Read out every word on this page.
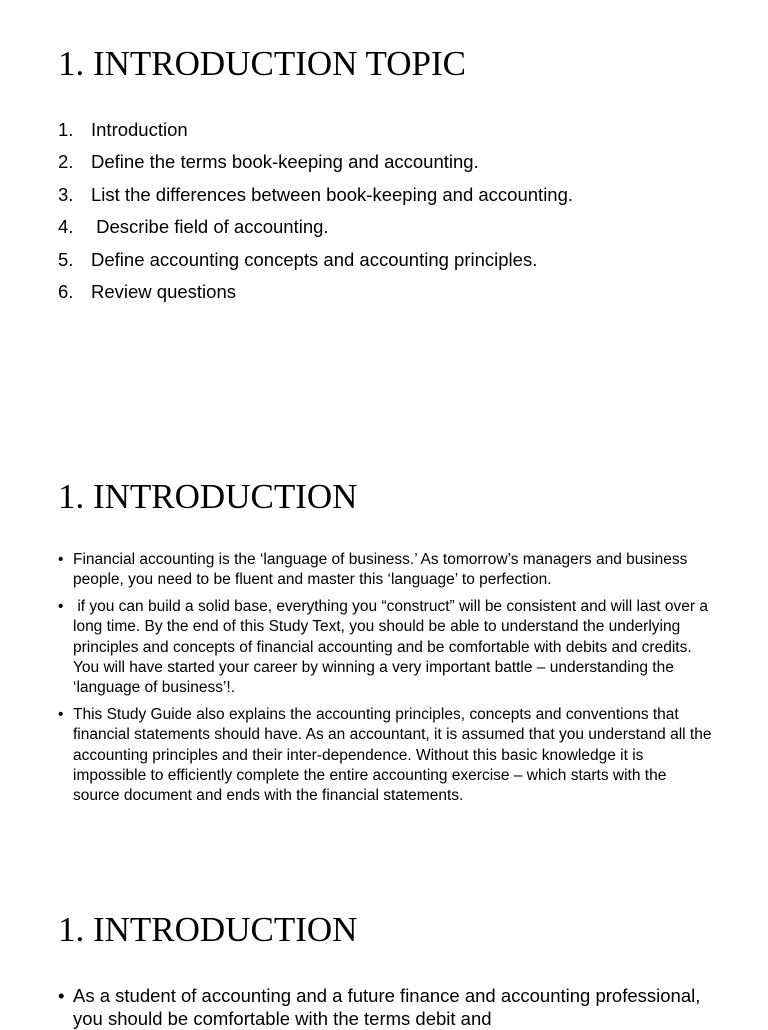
1. INTRODUCTION TOPIC
1. Introduction
2. Define the terms book-keeping and accounting.
3. List the differences between book-keeping and accounting.
4. Describe field of accounting.
5. Define accounting concepts and accounting principles.
6. Review questions
1. INTRODUCTION
• Financial accounting is the ‘language of business.’ As tomorrow’s managers and business people, you need to be fluent and master this ‘language’ to perfection.
• if you can build a solid base, everything you “construct” will be consistent and will last over a long time. By the end of this Study Text, you should be able to understand the underlying principles and concepts of financial accounting and be comfortable with debits and credits. You will have started your career by winning a very important battle – understanding the ‘language of business’!.
• This Study Guide also explains the accounting principles, concepts and conventions that financial statements should have. As an accountant, it is assumed that you understand all the accounting principles and their inter-dependence. Without this basic knowledge it is impossible to efficiently complete the entire accounting exercise – which starts with the source document and ends with the financial statements.
1. INTRODUCTION
• As a student of accounting and a future finance and accounting professional, you should be comfortable with the terms debit and
